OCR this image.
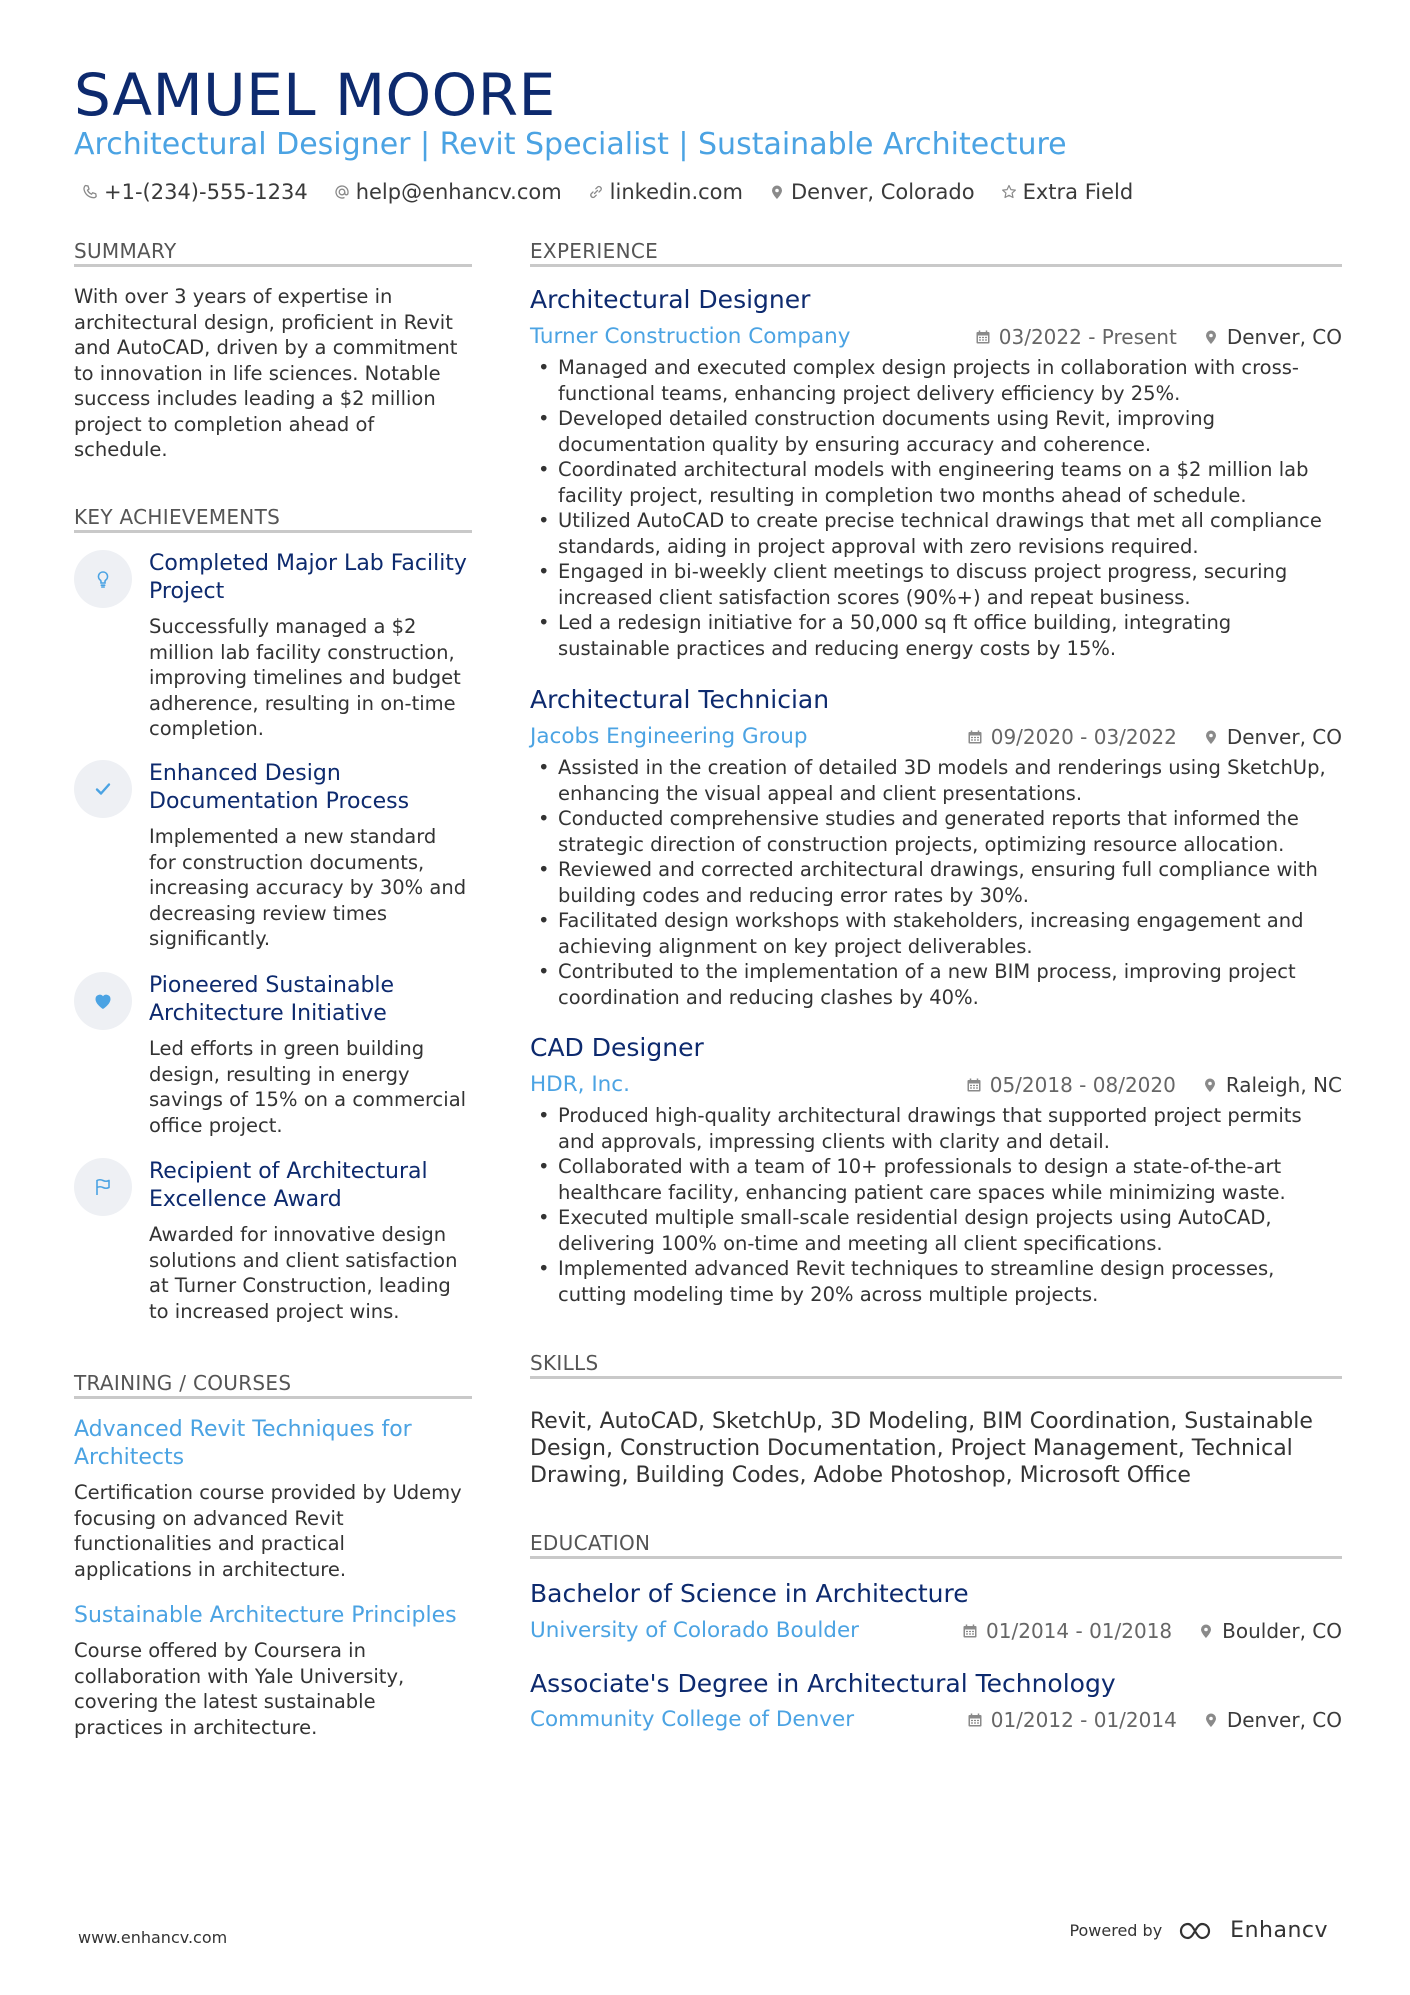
SAMUEL MOORE
Architectural Designer | Revit Specialist | Sustainable Architecture
+1-(234)-555-1234 help@enhancv.com linkedin.com Denver, Colorado Extra Field
SUMMARY
With over 3 years of expertise in
architectural design, proficient in Revit
and AutoCAD, driven by a commitment
to innovation in life sciences. Notable
success includes leading a $2 million
project to completion ahead of
schedule.
KEY ACHIEVEMENTS
Completed Major Lab Facility
Project
Successfully managed a $2
million lab facility construction,
improving timelines and budget
adherence, resulting in on-time
completion.
Enhanced Design
Documentation Process
Implemented a new standard
for construction documents,
increasing accuracy by 30% and
decreasing review times
significantly.
Pioneered Sustainable
Architecture Initiative
Led efforts in green building
design, resulting in energy
savings of 15% on a commercial
office project.
Recipient of Architectural
Excellence Award
Awarded for innovative design
solutions and client satisfaction
at Turner Construction, leading
to increased project wins.
TRAINING / COURSES
Advanced Revit Techniques for
Architects
Certification course provided by Udemy
focusing on advanced Revit
functionalities and practical
applications in architecture.
Sustainable Architecture Principles
Course offered by Coursera in
collaboration with Yale University,
covering the latest sustainable
practices in architecture.
EXPERIENCE
Architectural Designer
Turner Construction Company	03/2022 - Present	Denver, CO
• Managed and executed complex design projects in collaboration with cross-
functional teams, enhancing project delivery efficiency by 25%.
• Developed detailed construction documents using Revit, improving
documentation quality by ensuring accuracy and coherence.
• Coordinated architectural models with engineering teams on a $2 million lab
facility project, resulting in completion two months ahead of schedule.
• Utilized AutoCAD to create precise technical drawings that met all compliance
standards, aiding in project approval with zero revisions required.
• Engaged in bi-weekly client meetings to discuss project progress, securing
increased client satisfaction scores (90%+) and repeat business.
• Led a redesign initiative for a 50,000 sq ft office building, integrating
sustainable practices and reducing energy costs by 15%.
Architectural Technician
Jacobs Engineering Group	09/2020 - 03/2022	Denver, CO
• Assisted in the creation of detailed 3D models and renderings using SketchUp,
enhancing the visual appeal and client presentations.
• Conducted comprehensive studies and generated reports that informed the
strategic direction of construction projects, optimizing resource allocation.
• Reviewed and corrected architectural drawings, ensuring full compliance with
building codes and reducing error rates by 30%.
• Facilitated design workshops with stakeholders, increasing engagement and
achieving alignment on key project deliverables.
• Contributed to the implementation of a new BIM process, improving project
coordination and reducing clashes by 40%.
CAD Designer
HDR, Inc.	05/2018 - 08/2020	Raleigh, NC
• Produced high-quality architectural drawings that supported project permits
and approvals, impressing clients with clarity and detail.
• Collaborated with a team of 10+ professionals to design a state-of-the-art
healthcare facility, enhancing patient care spaces while minimizing waste.
• Executed multiple small-scale residential design projects using AutoCAD,
delivering 100% on-time and meeting all client specifications.
• Implemented advanced Revit techniques to streamline design processes,
cutting modeling time by 20% across multiple projects.
SKILLS
Revit, AutoCAD, SketchUp, 3D Modeling, BIM Coordination, Sustainable
Design, Construction Documentation, Project Management, Technical
Drawing, Building Codes, Adobe Photoshop, Microsoft Office
EDUCATION
Bachelor of Science in Architecture
University of Colorado Boulder	01/2014 - 01/2018	Boulder, CO
Associate's Degree in Architectural Technology
Community College of Denver	01/2012 - 01/2014	Denver, CO
www.enhancv.com	Powered by	Enhancv
